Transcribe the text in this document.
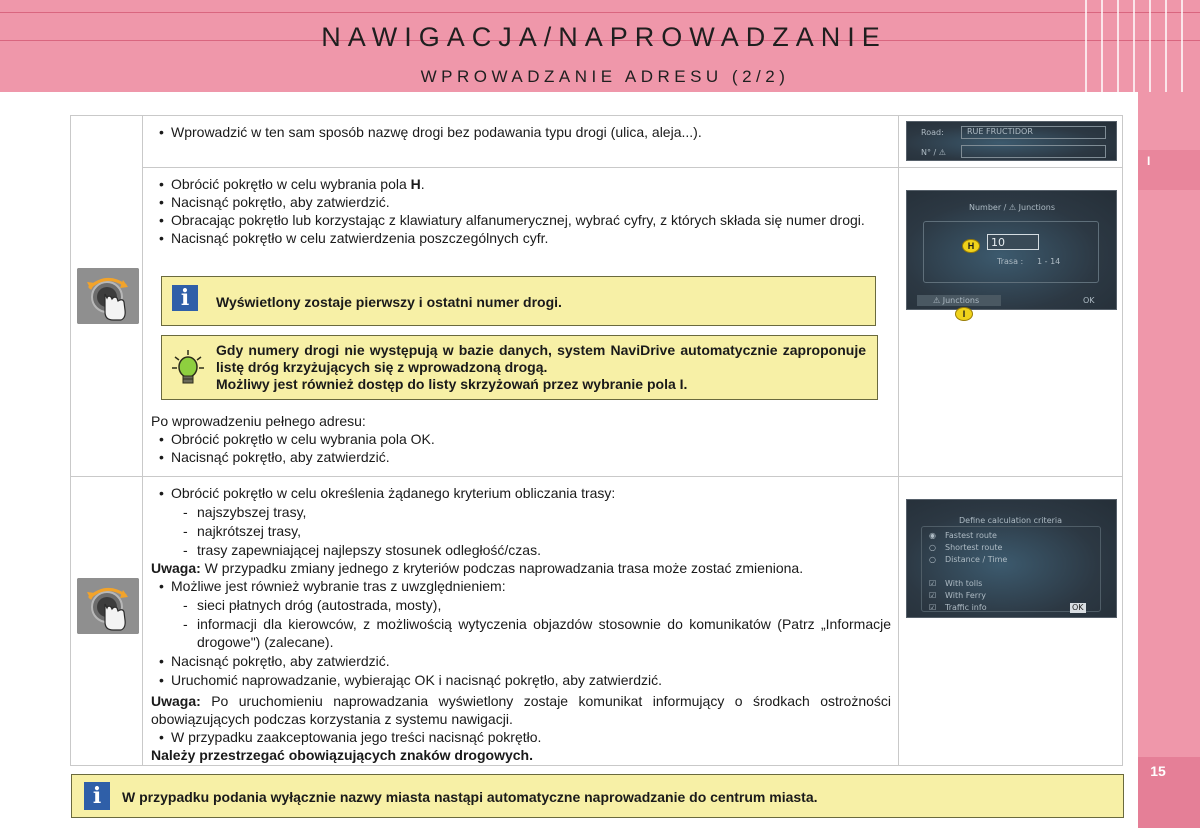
NAWIGACJA/NAPROWADZANIE
WPROWADZANIE ADRESU (2/2)
I
15
• Wprowadzić w ten sam sposób nazwę drogi bez podawania typu drogi (ulica, aleja...).	Road:	RUE FRUCTIDOR
N° / ⚠
• Obrócić pokrętło w celu wybrania pola H.
• Nacisnąć pokrętło, aby zatwierdzić.
• Obracając pokrętło lub korzystając z klawiatury alfanumerycznej, wybrać cyfry, z których składa się numer drogi.
• Nacisnąć pokrętło w celu zatwierdzenia poszczególnych cyfr.
i	Wyświetlony zostaje pierwszy i ostatni numer drogi.
Gdy numery drogi nie występują w bazie danych, system NaviDrive automatycznie zaproponuje listę dróg krzyżujących się z wprowadzoną drogą.
Możliwy jest również dostęp do listy skrzyżowań przez wybranie pola I.
Po wprowadzeniu pełnego adresu:
• Obrócić pokrętło w celu wybrania pola OK.
• Nacisnąć pokrętło, aby zatwierdzić.
Number / ⚠ Junctions
10
Trasa : 1 - 14
⚠ Junctions	OK
H
I
• Obrócić pokrętło w celu określenia żądanego kryterium obliczania trasy:
- najszybszej trasy,
- najkrótszej trasy,
- trasy zapewniającej najlepszy stosunek odległość/czas.
Uwaga: W przypadku zmiany jednego z kryteriów podczas naprowadzania trasa może zostać zmieniona.
• Możliwe jest również wybranie tras z uwzględnieniem:
- sieci płatnych dróg (autostrada, mosty),
- informacji dla kierowców, z możliwością wytyczenia objazdów stosownie do komunikatów (Patrz „Informacje drogowe") (zalecane).
• Nacisnąć pokrętło, aby zatwierdzić.
• Uruchomić naprowadzanie, wybierając OK i nacisnąć pokrętło, aby zatwierdzić.
Uwaga: Po uruchomieniu naprowadzania wyświetlony zostaje komunikat informujący o środkach ostrożności obowiązujących podczas korzystania z systemu nawigacji.
• W przypadku zaakceptowania jego treści nacisnąć pokrętło.
Należy przestrzegać obowiązujących znaków drogowych.
Define calculation criteria
◉ Fastest route
○ Shortest route
○ Distance / Time
☑ With tolls
☑ With Ferry
☑ Traffic info	OK
i	W przypadku podania wyłącznie nazwy miasta nastąpi automatyczne naprowadzanie do centrum miasta.
